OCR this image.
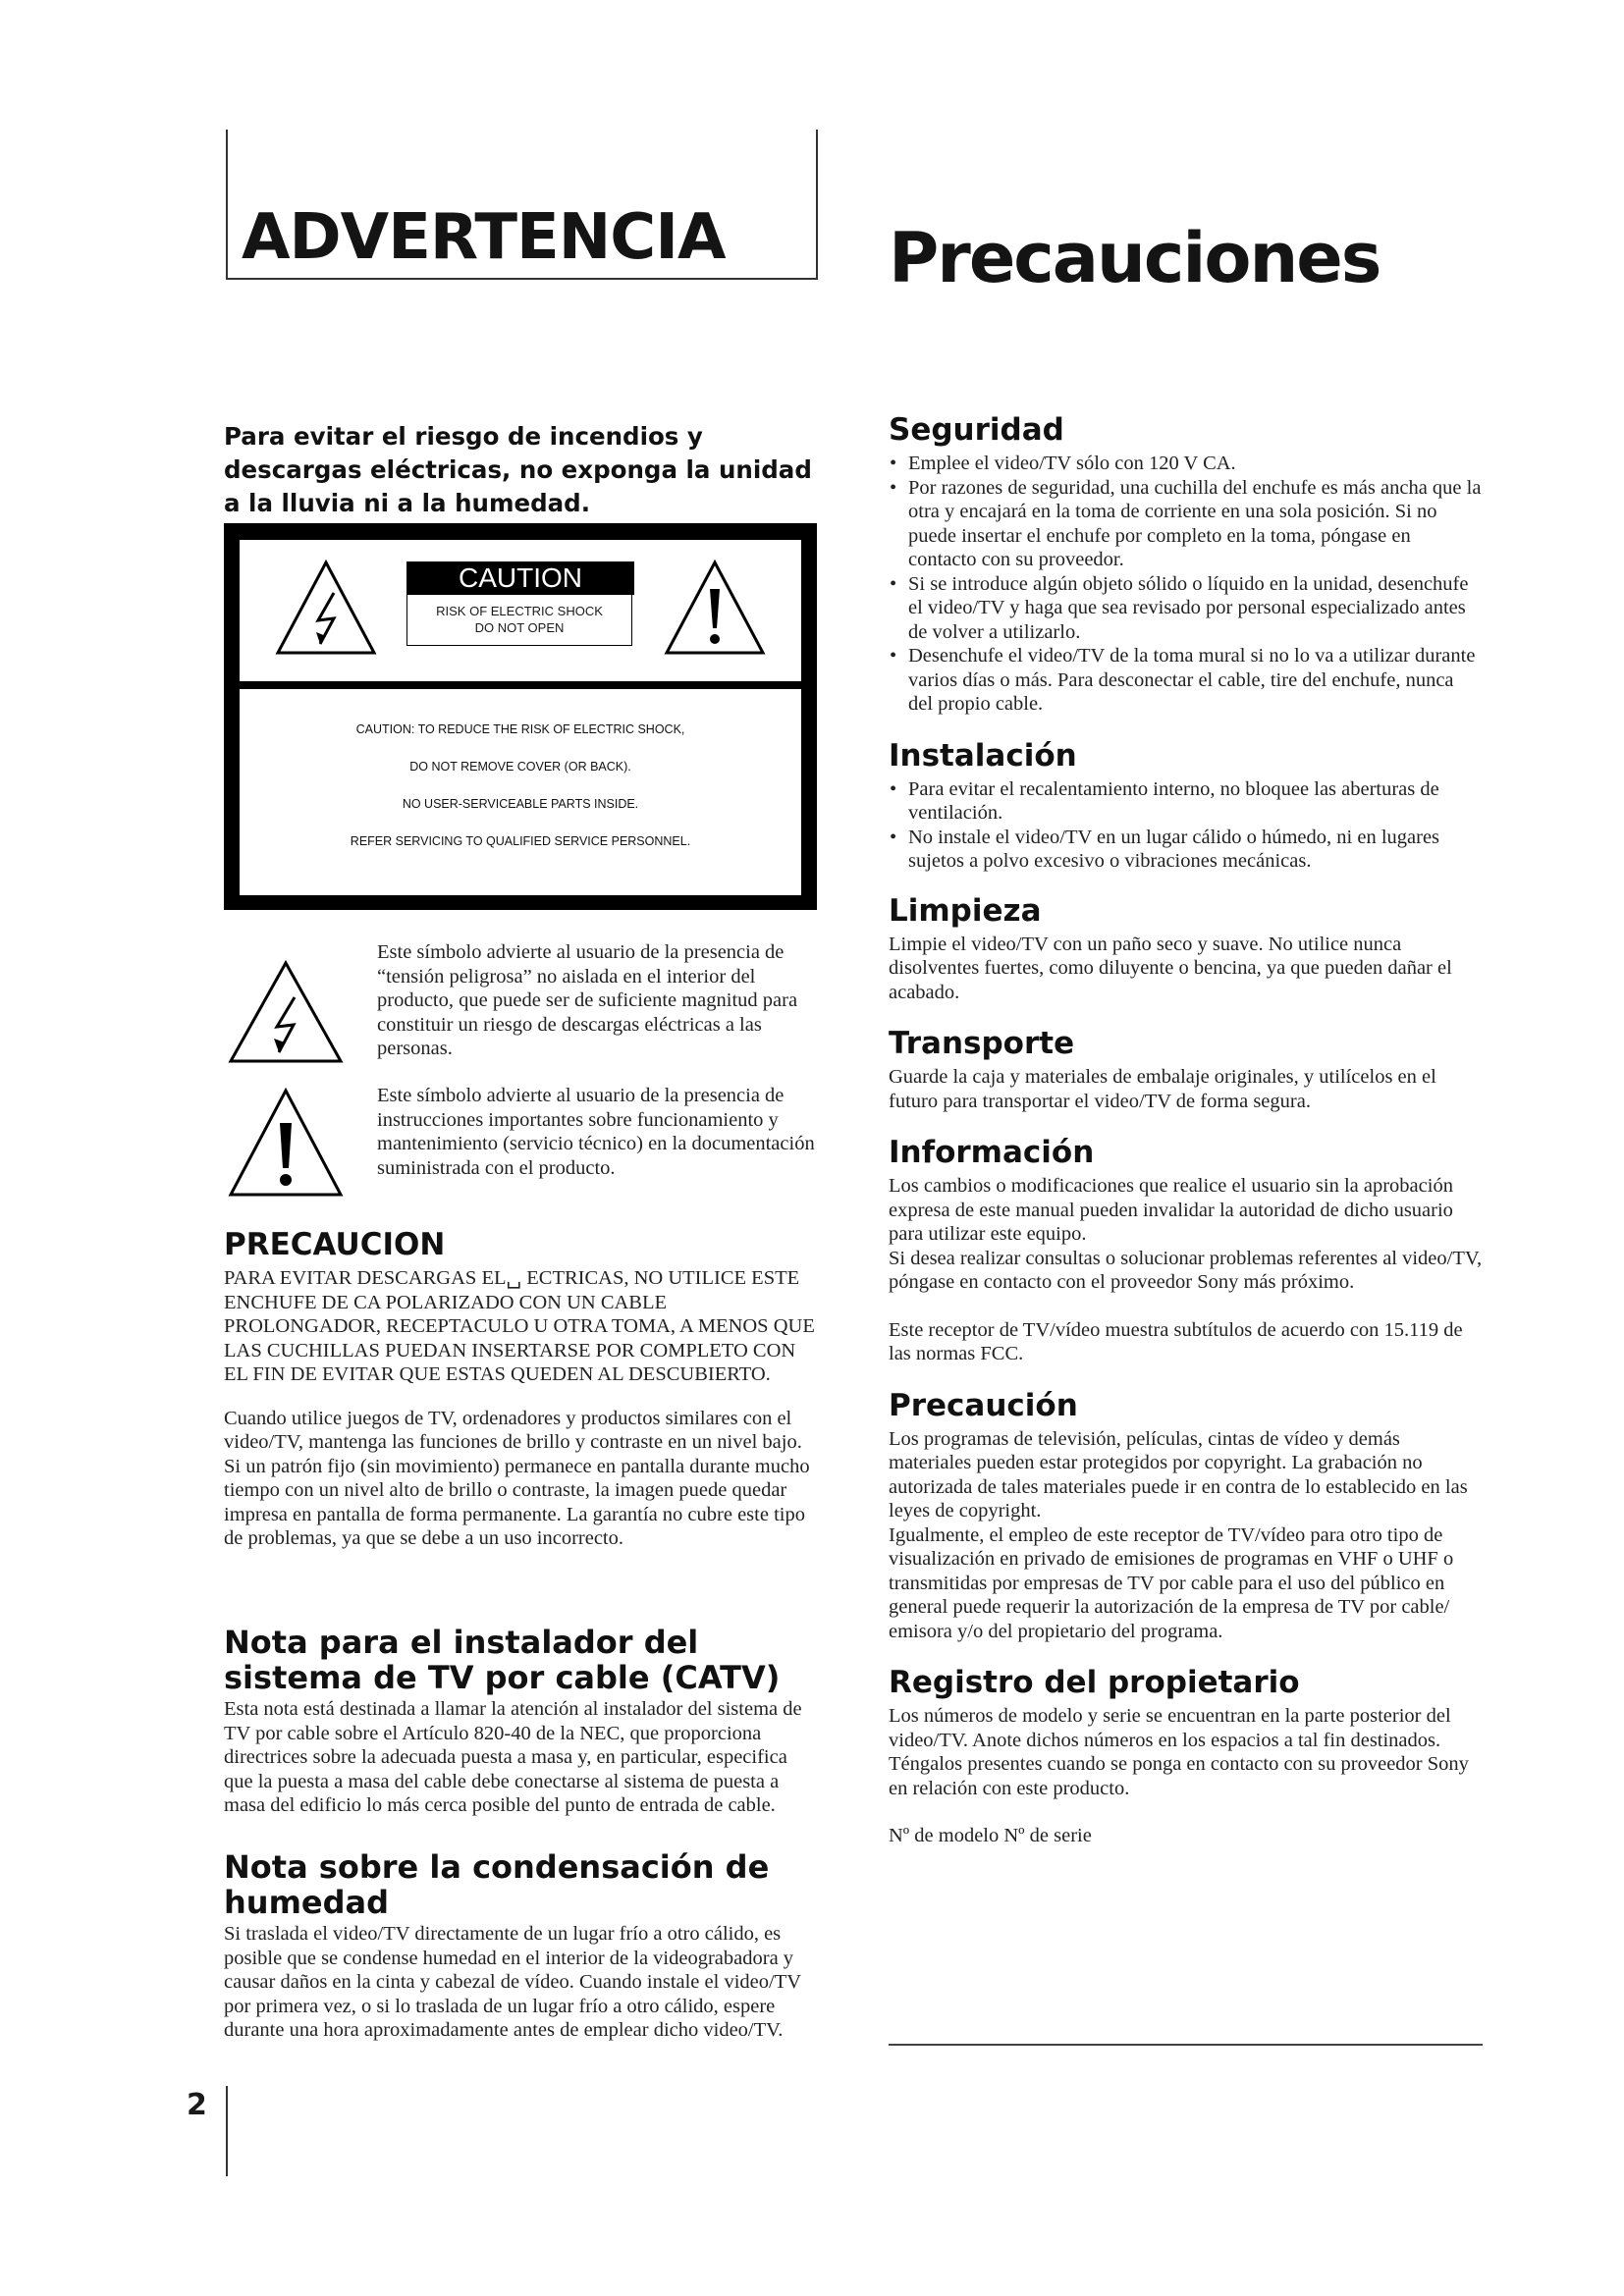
ADVERTENCIA Precauciones

Para evitar el riesgo de incendios y descargas eléctricas, no exponga la unidad a la lluvia ni a la humedad.

CAUTION
RISK OF ELECTRIC SHOCK
DO NOT OPEN
CAUTION: TO REDUCE THE RISK OF ELECTRIC SHOCK,
DO NOT REMOVE COVER (OR BACK).
NO USER-SERVICEABLE PARTS INSIDE.
REFER SERVICING TO QUALIFIED SERVICE PERSONNEL.
Este símbolo advierte al usuario de la presencia de “tensión peligrosa” no aislada en el interior del producto, que puede ser de suficiente magnitud para constituir un riesgo de descargas eléctricas a las personas.
Este símbolo advierte al usuario de la presencia de instrucciones importantes sobre funcionamiento y mantenimiento (servicio técnico) en la documentación suministrada con el producto.
PRECAUCION

PARA EVITAR DESCARGAS EL␣ ECTRICAS, NO UTILICE ESTE ENCHUFE DE CA POLARIZADO CON UN CABLE PROLONGADOR, RECEPTACULO U OTRA TOMA, A MENOS QUE LAS CUCHILLAS PUEDAN INSERTARSE POR COMPLETO CON EL FIN DE EVITAR QUE ESTAS QUEDEN AL DESCUBIERTO.

Cuando utilice juegos de TV, ordenadores y productos similares con el video/TV, mantenga las funciones de brillo y contraste en un nivel bajo. Si un patrón fijo (sin movimiento) permanece en pantalla durante mucho tiempo con un nivel alto de brillo o contraste, la imagen puede quedar impresa en pantalla de forma permanente. La garantía no cubre este tipo de problemas, ya que se debe a un uso incorrecto.

Nota para el instalador del sistema de TV por cable (CATV)

Esta nota está destinada a llamar la atención al instalador del sistema de TV por cable sobre el Artículo 820-40 de la NEC, que proporciona directrices sobre la adecuada puesta a masa y, en particular, especifica que la puesta a masa del cable debe conectarse al sistema de puesta a masa del edificio lo más cerca posible del punto de entrada de cable.

Nota sobre la condensación de humedad

Si traslada el video/TV directamente de un lugar frío a otro cálido, es posible que se condense humedad en el interior de la videograbadora y causar daños en la cinta y cabezal de vídeo. Cuando instale el video/TV por primera vez, o si lo traslada de un lugar frío a otro cálido, espere durante una hora aproximadamente antes de emplear dicho video/TV.

Seguridad
• Emplee el video/TV sólo con 120 V CA.
• Por razones de seguridad, una cuchilla del enchufe es más ancha que la otra y encajará en la toma de corriente en una sola posición. Si no puede insertar el enchufe por completo en la toma, póngase en contacto con su proveedor.
• Si se introduce algún objeto sólido o líquido en la unidad, desenchufe el video/TV y haga que sea revisado por personal especializado antes de volver a utilizarlo.
• Desenchufe el video/TV de la toma mural si no lo va a utilizar durante varios días o más. Para desconectar el cable, tire del enchufe, nunca del propio cable.
Instalación
• Para evitar el recalentamiento interno, no bloquee las aberturas de ventilación.
• No instale el video/TV en un lugar cálido o húmedo, ni en lugares sujetos a polvo excesivo o vibraciones mecánicas.
Limpieza

Limpie el video/TV con un paño seco y suave. No utilice nunca disolventes fuertes, como diluyente o bencina, ya que pueden dañar el acabado.

Transporte

Guarde la caja y materiales de embalaje originales, y utilícelos en el futuro para transportar el video/TV de forma segura.

Información

Los cambios o modificaciones que realice el usuario sin la aprobación expresa de este manual pueden invalidar la autoridad de dicho usuario para utilizar este equipo.

Si desea realizar consultas o solucionar problemas referentes al video/TV, póngase en contacto con el proveedor Sony más próximo.

Este receptor de TV/vídeo muestra subtítulos de acuerdo con 15.119 de las normas FCC.

Precaución

Los programas de televisión, películas, cintas de vídeo y demás materiales pueden estar protegidos por copyright. La grabación no autorizada de tales materiales puede ir en contra de lo establecido en las leyes de copyright.

Igualmente, el empleo de este receptor de TV/vídeo para otro tipo de visualización en privado de emisiones de programas en VHF o UHF o transmitidas por empresas de TV por cable para el uso del público en general puede requerir la autorización de la empresa de TV por cable/ emisora y/o del propietario del programa.

Registro del propietario

Los números de modelo y serie se encuentran en la parte posterior del video/TV. Anote dichos números en los espacios a tal fin destinados. Téngalos presentes cuando se ponga en contacto con su proveedor Sony en relación con este producto.

Nº de modelo Nº de serie

2
